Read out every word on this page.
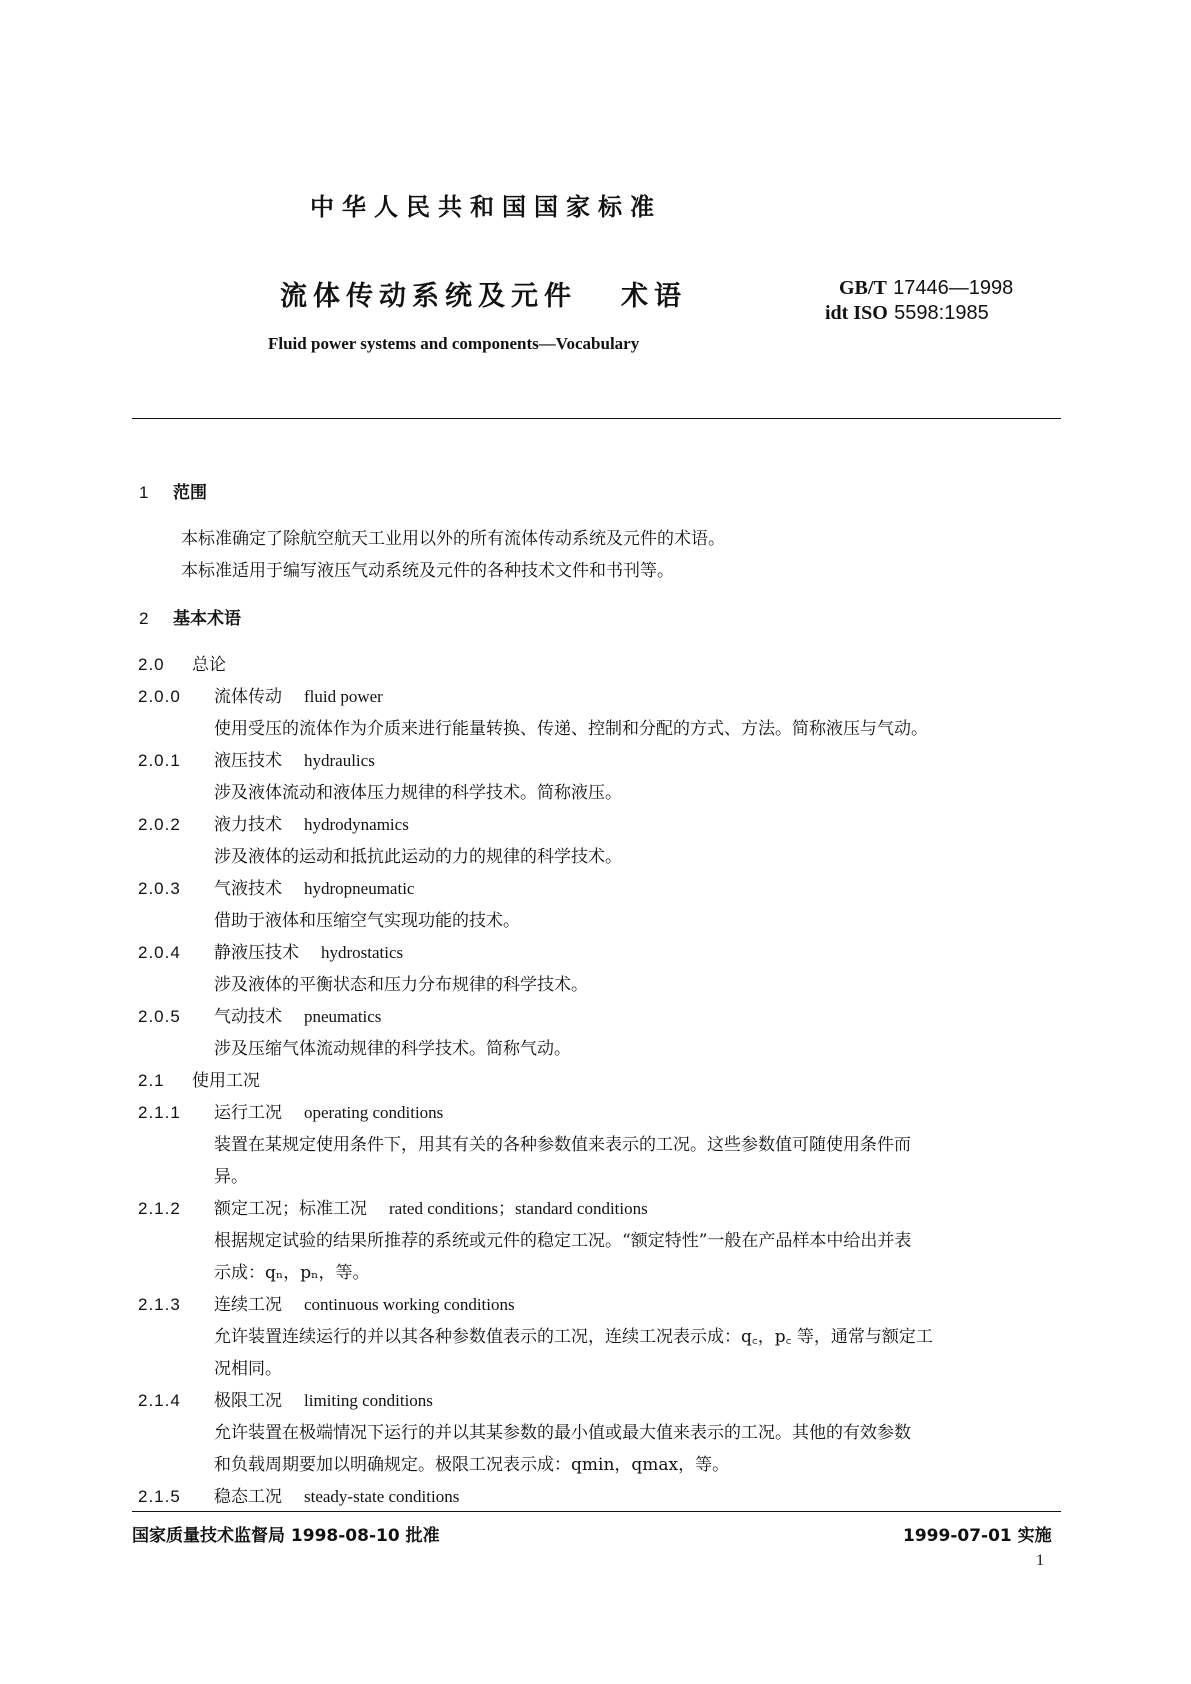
中华人民共和国国家标准
流体传动系统及元件 术语	GB/T 17446—1998
idt ISO 5598:1985
Fluid power systems and components—Vocabulary
1 范围
本标准确定了除航空航天工业用以外的所有流体传动系统及元件的术语。
本标准适用于编写液压气动系统及元件的各种技术文件和书刊等。
2 基本术语
2.0 总论
2.0.0 流体传动 fluid power
使用受压的流体作为介质来进行能量转换、传递、控制和分配的方式、方法。简称液压与气动。
2.0.1 液压技术 hydraulics
涉及液体流动和液体压力规律的科学技术。简称液压。
2.0.2 液力技术 hydrodynamics
涉及液体的运动和抵抗此运动的力的规律的科学技术。
2.0.3 气液技术 hydropneumatic
借助于液体和压缩空气实现功能的技术。
2.0.4 静液压技术 hydrostatics
涉及液体的平衡状态和压力分布规律的科学技术。
2.0.5 气动技术 pneumatics
涉及压缩气体流动规律的科学技术。简称气动。
2.1 使用工况
2.1.1 运行工况 operating conditions
装置在某规定使用条件下，用其有关的各种参数值来表示的工况。这些参数值可随使用条件而
异。
2.1.2 额定工况；标准工况 rated conditions；standard conditions
根据规定试验的结果所推荐的系统或元件的稳定工况。“额定特性”一般在产品样本中给出并表
示成：qₙ，pₙ，等。
2.1.3 连续工况 continuous working conditions
允许装置连续运行的并以其各种参数值表示的工况，连续工况表示成：q꜀，p꜀ 等，通常与额定工
况相同。
2.1.4 极限工况 limiting conditions
允许装置在极端情况下运行的并以其某参数的最小值或最大值来表示的工况。其他的有效参数
和负载周期要加以明确规定。极限工况表示成：qmin，qmax，等。
2.1.5 稳态工况 steady-state conditions
国家质量技术监督局 1998-08-10 批准	1999-07-01 实施
1
